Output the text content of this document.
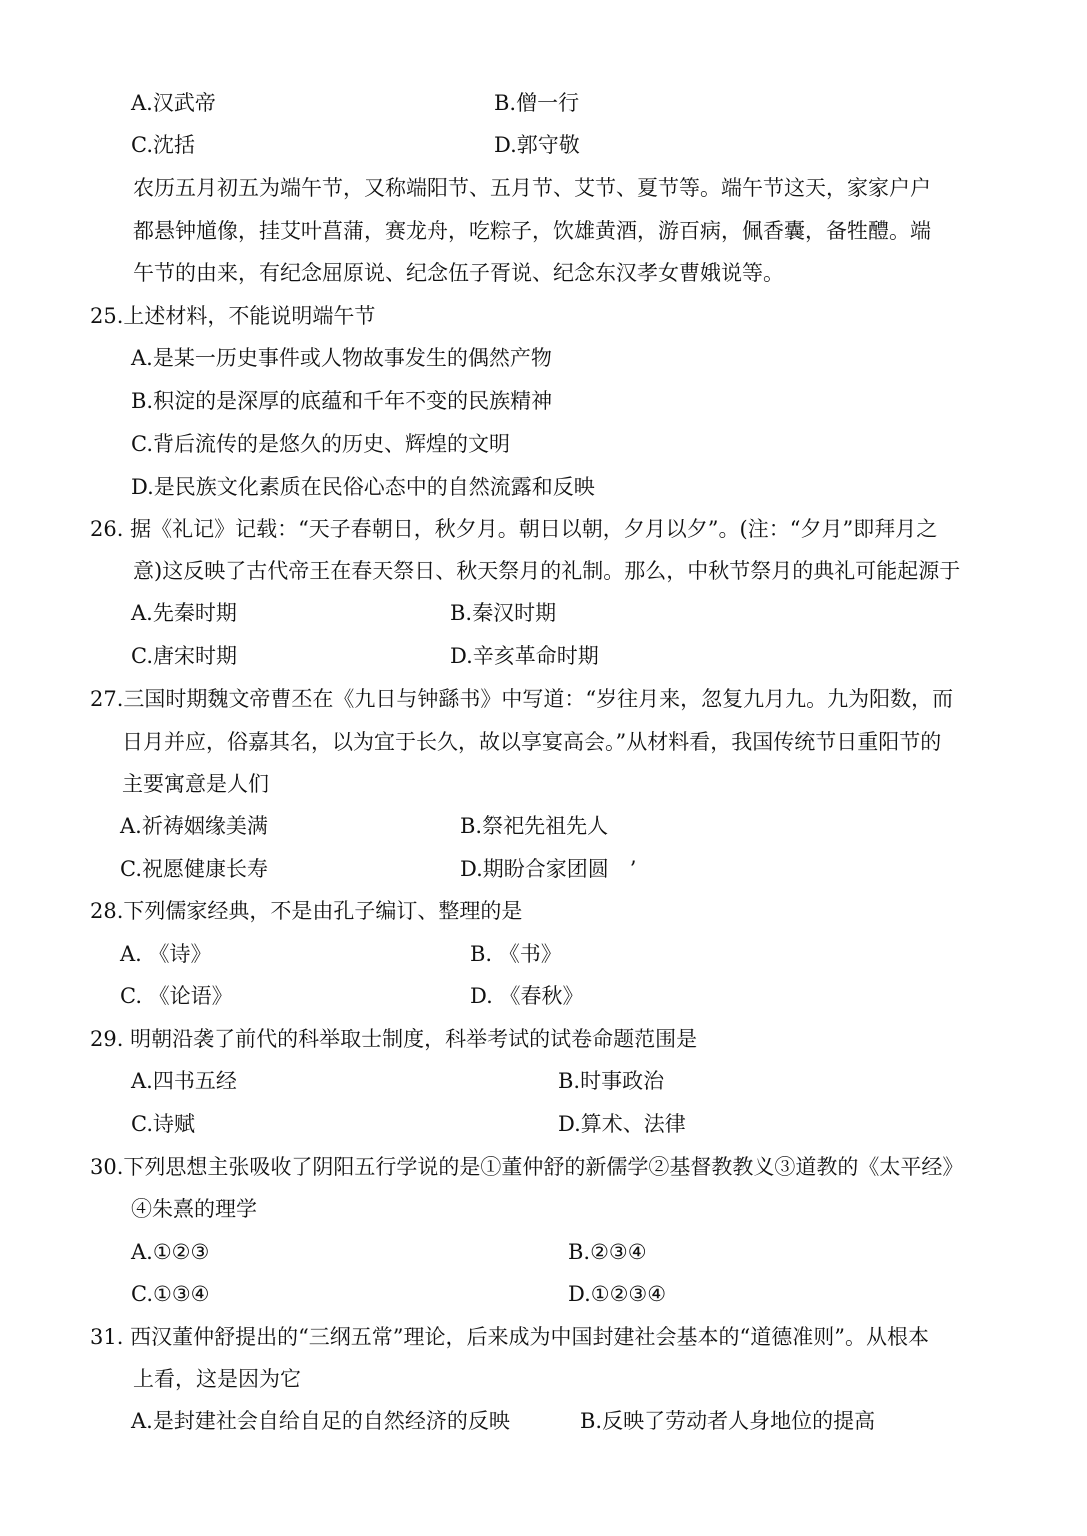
A.汉武帝	B.僧一行
C.沈括	D.郭守敬
农历五月初五为端午节，又称端阳节、五月节、艾节、夏节等。端午节这天，家家户户
都悬钟馗像，挂艾叶菖蒲，赛龙舟，吃粽子，饮雄黄酒，游百病，佩香囊，备牲醴。端
午节的由来，有纪念屈原说、纪念伍子胥说、纪念东汉孝女曹娥说等。
25.上述材料，不能说明端午节
A.是某一历史事件或人物故事发生的偶然产物
B.积淀的是深厚的底蕴和千年不变的民族精神
C.背后流传的是悠久的历史、辉煌的文明
D.是民族文化素质在民俗心态中的自然流露和反映
26. 据《礼记》记载：“天子春朝日，秋夕月。朝日以朝，夕月以夕”。(注：“夕月”即拜月之
意)这反映了古代帝王在春天祭日、秋天祭月的礼制。那么，中秋节祭月的典礼可能起源于
A.先秦时期	B.秦汉时期
C.唐宋时期	D.辛亥革命时期
27.三国时期魏文帝曹丕在《九日与钟繇书》中写道：“岁往月来，忽复九月九。九为阳数，而
日月并应，俗嘉其名，以为宜于长久，故以享宴高会。”从材料看，我国传统节日重阳节的
主要寓意是人们
A.祈祷姻缘美满	B.祭祀先祖先人
C.祝愿健康长寿	D.期盼合家团圆　’
28.下列儒家经典，不是由孔子编订、整理的是
A. 《诗》	B. 《书》
C. 《论语》	D. 《春秋》
29. 明朝沿袭了前代的科举取士制度，科举考试的试卷命题范围是
A.四书五经	B.时事政治
C.诗赋	D.算术、法律
30.下列思想主张吸收了阴阳五行学说的是①董仲舒的新儒学②基督教教义③道教的《太平经》
④朱熹的理学
A.①②③	B.②③④
C.①③④	D.①②③④
31. 西汉董仲舒提出的“三纲五常”理论，后来成为中国封建社会基本的“道德准则”。从根本
上看，这是因为它
A.是封建社会自给自足的自然经济的反映	B.反映了劳动者人身地位的提高
